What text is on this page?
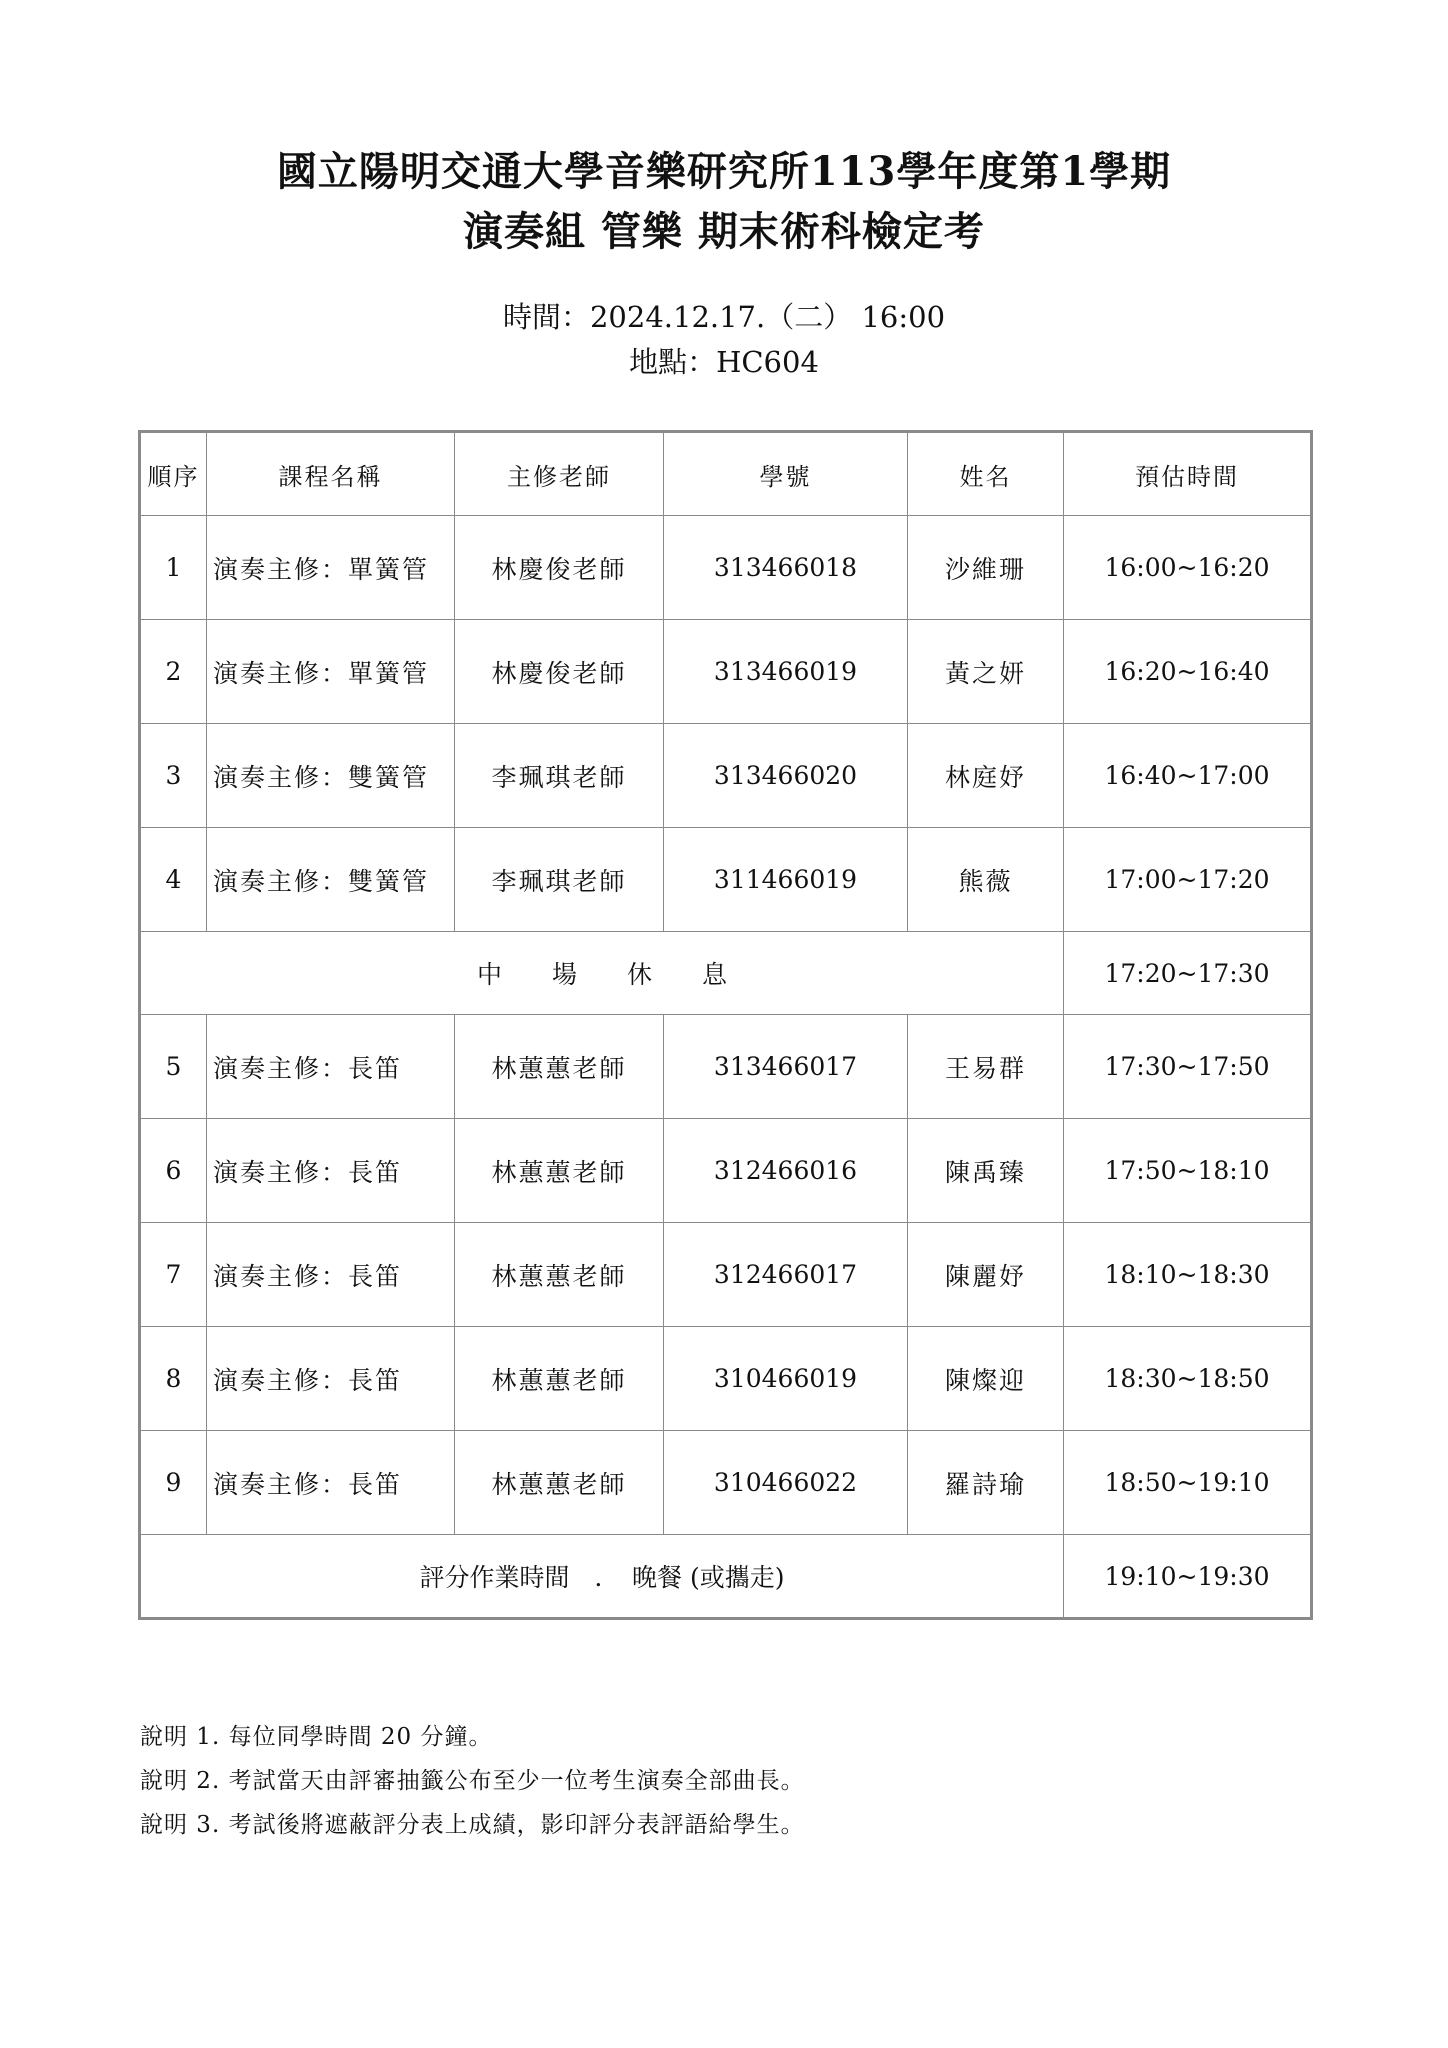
國立陽明交通大學音樂研究所113學年度第1學期
演奏組 管樂 期末術科檢定考
時間：2024.12.17.（二） 16:00
地點：HC604
順序	課程名稱	主修老師	學號	姓名	預估時間
1	演奏主修：單簧管	林慶俊老師	313466018	沙維珊	16:00~16:20
2	演奏主修：單簧管	林慶俊老師	313466019	黃之妍	16:20~16:40
3	演奏主修：雙簧管	李珮琪老師	313466020	林庭妤	16:40~17:00
4	演奏主修：雙簧管	李珮琪老師	311466019	熊薇	17:00~17:20
中　　場　　休　　息					17:20~17:30
5	演奏主修：長笛	林蕙蕙老師	313466017	王易群	17:30~17:50
6	演奏主修：長笛	林蕙蕙老師	312466016	陳禹臻	17:50~18:10
7	演奏主修：長笛	林蕙蕙老師	312466017	陳麗妤	18:10~18:30
8	演奏主修：長笛	林蕙蕙老師	310466019	陳燦迎	18:30~18:50
9	演奏主修：長笛	林蕙蕙老師	310466022	羅詩瑜	18:50~19:10
評分作業時間　．　晚餐 (或攜走)					19:10~19:30
說明 1. 每位同學時間 20 分鐘。
說明 2. 考試當天由評審抽籤公布至少一位考生演奏全部曲長。
說明 3. 考試後將遮蔽評分表上成績，影印評分表評語給學生。
